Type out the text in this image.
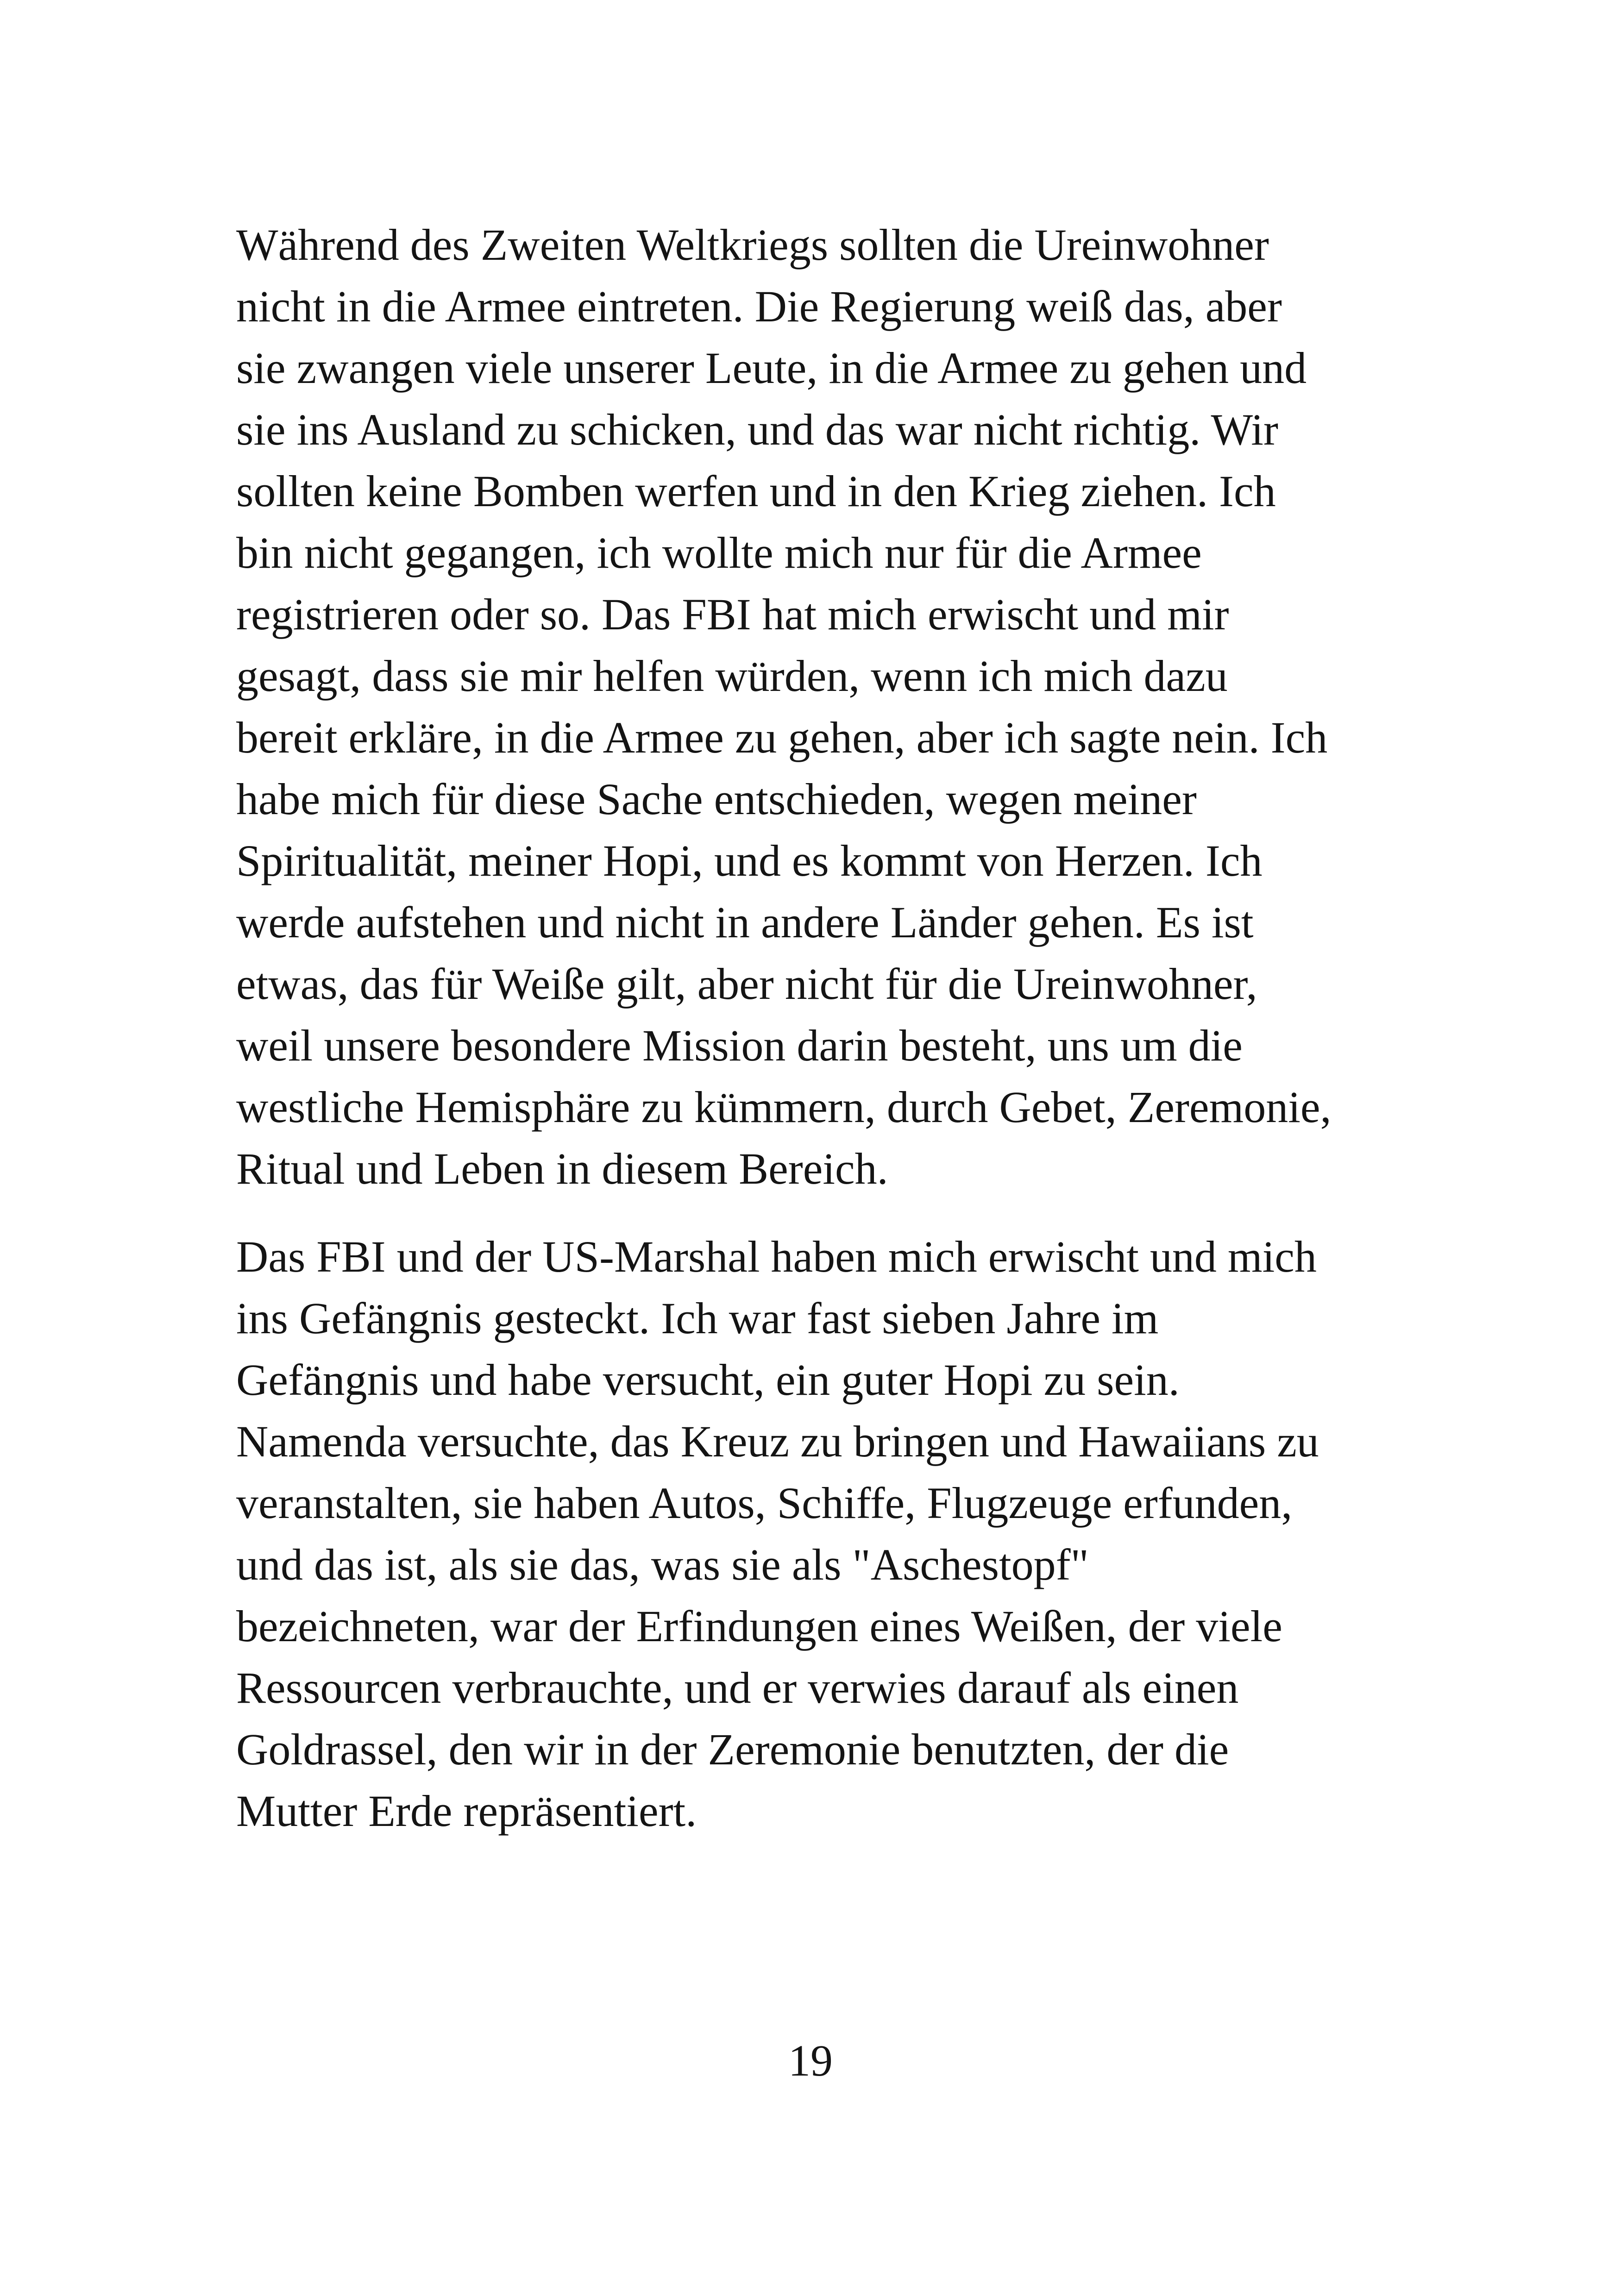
Während des Zweiten Weltkriegs sollten die Ureinwohner
nicht in die Armee eintreten. Die Regierung weiß das, aber
sie zwangen viele unserer Leute, in die Armee zu gehen und
sie ins Ausland zu schicken, und das war nicht richtig. Wir
sollten keine Bomben werfen und in den Krieg ziehen. Ich
bin nicht gegangen, ich wollte mich nur für die Armee
registrieren oder so. Das FBI hat mich erwischt und mir
gesagt, dass sie mir helfen würden, wenn ich mich dazu
bereit erkläre, in die Armee zu gehen, aber ich sagte nein. Ich
habe mich für diese Sache entschieden, wegen meiner
Spiritualität, meiner Hopi, und es kommt von Herzen. Ich
werde aufstehen und nicht in andere Länder gehen. Es ist
etwas, das für Weiße gilt, aber nicht für die Ureinwohner,
weil unsere besondere Mission darin besteht, uns um die
westliche Hemisphäre zu kümmern, durch Gebet, Zeremonie,
Ritual und Leben in diesem Bereich.

Das FBI und der US-Marshal haben mich erwischt und mich
ins Gefängnis gesteckt. Ich war fast sieben Jahre im
Gefängnis und habe versucht, ein guter Hopi zu sein.
Namenda versuchte, das Kreuz zu bringen und Hawaiians zu
veranstalten, sie haben Autos, Schiffe, Flugzeuge erfunden,
und das ist, als sie das, was sie als "Aschestopf"
bezeichneten, war der Erfindungen eines Weißen, der viele
Ressourcen verbrauchte, und er verwies darauf als einen
Goldrassel, den wir in der Zeremonie benutzten, der die
Mutter Erde repräsentiert.

19
